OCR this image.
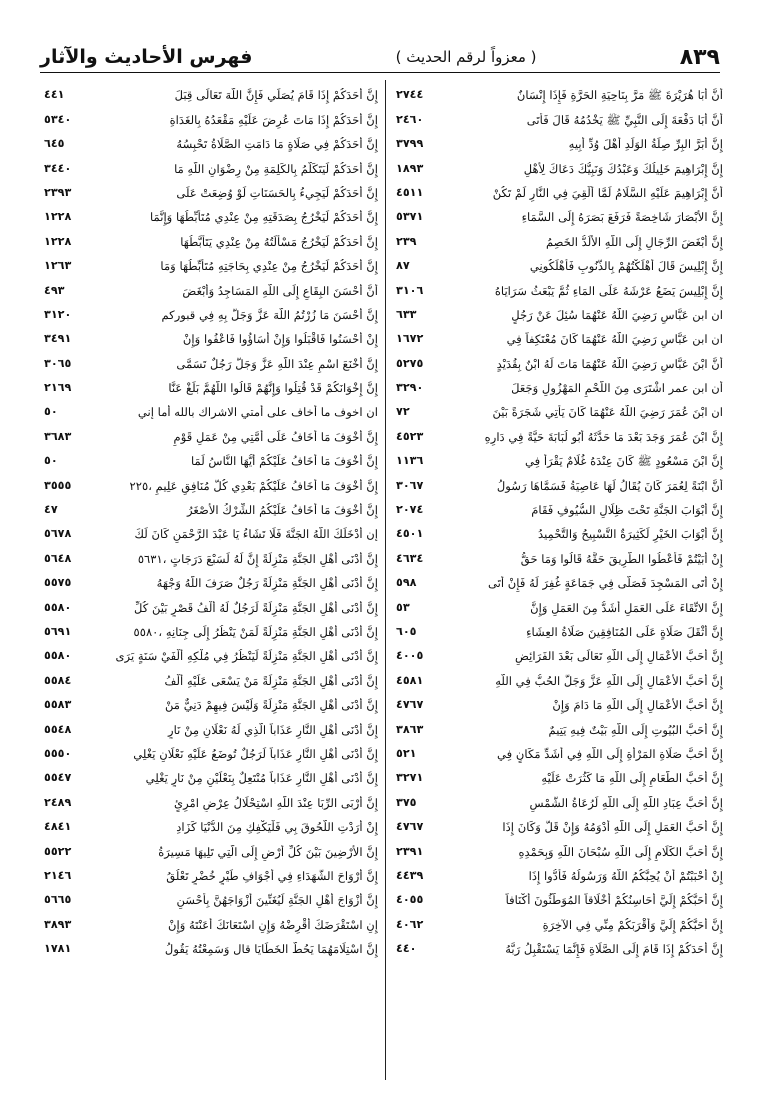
٨٣٩
( معزواً لرقم الحديث )
فهرس الأحاديث والآثار
أَنَّ أَبَا هُرَيْرَةَ ﷺ مَرَّ بِنَاحِيَةِ الحَرَّةِ فَإِذَا إِنْسَانٌ
٢٧٤٤
أَنَّ أَبَا دَفْعَةَ إِلَى النَّبِيِّ ﷺ يَخْدُمُهُ قَالَ فَأَتَى
٢٤٦٠
إِنَّ أَبَرَّ البِرِّ صِلَةُ الوَلَدِ أَهْلَ وُدِّ أَبِيهِ
٣٧٩٩
إِنَّ إِبْرَاهِيمَ خَلِيلُكَ وَعَبْدُكَ وَنَبِيُّكَ دَعَاكَ لِأَهْلِ
١٨٩٣
أَنَّ إِبْرَاهِيمَ عَلَيْهِ السَّلَامُ لَمَّا أُلْقِيَ فِي النَّارِ لَمْ تَكُنْ
٤٥١١
إِنَّ الأَبْصَارَ شَاخِصَةً فَرَفَعَ بَصَرَهُ إِلَى السَّمَاءِ
٥٣٧١
إِنَّ أَبْغَضَ الرِّجَالِ إِلَى اللَّهِ الأَلَدُّ الخَصِمُ
٢٣٩
إِنَّ إِبْلِيسَ قَالَ أَهْلَكْتُهُمْ بِالذُّنُوبِ فَأَهْلَكُونِي
٨٧
إِنَّ إِبْلِيسَ يَضَعُ عَرْشَهُ عَلَى المَاءِ ثُمَّ يَبْعَثُ سَرَايَاهُ
٣١٠٦
ان ابن عَبَّاسٍ رَضِيَ اللَّهُ عَنْهُمَا سُئِلَ عَنْ رَجُلٍ
٦٣٣
ان ابن عَبَّاسٍ رَضِيَ اللَّهُ عَنْهُمَا كَانَ مُعْتَكِفاً فِي
١٦٧٢
أَنَّ ابْنَ عَبَّاسٍ رَضِيَ اللَّهُ عَنْهُمَا مَاتَ لَهُ ابْنٌ بِقُدَيْدٍ
٥٢٧٥
أن ابن عمر اشْتَرَى مِنَ اللَّحْمِ المَهْزُولِ وَجَعَلَ
٣٢٩٠
ان ابْنَ عُمَرَ رَضِيَ اللَّهُ عَنْهُمَا كَانَ يَأْتِي شَجَرَةً بَيْنَ
٧٢
إِنَّ ابْنَ عُمَرَ وَجَدَ بَعْدَ مَا حَدَّثَهُ أَبُو لُبَابَةَ حَيَّةً فِي دَارِهِ
٤٥٢٣
إِنَّ ابْنَ مَسْعُودٍ ﷺ كَانَ عِنْدَهُ غُلَامٌ يَقْرَأُ فِي
١١٣٦
أَنَّ ابْنَةً لِعُمَرَ كَانَ يُقَالُ لَهَا عَاصِيَةُ فَسَمَّاهَا رَسُولُ
٣٠٦٧
إِنَّ أَبْوَابَ الجَنَّةِ تَحْتَ ظِلَالِ السُّيُوفِ فَقَامَ
٢٠٧٤
إِنَّ أَبْوَابَ الخَيْرِ لَكَثِيرَةٌ التَّسْبِيحُ وَالتَّحْمِيدُ
٤٥٠١
إِنْ أَبَيْتُمْ فَأَعْطُوا الطَّرِيقَ حَقَّهُ قَالُوا وَمَا حَقُّ
٤٦٣٤
إِنْ أَتَى المَسْجِدَ فَصَلَّى فِي جَمَاعَةٍ غُفِرَ لَهُ فَإِنْ أَتَى
٥٩٨
إِنَّ الاتِّقَاءَ عَلَى العَمَلِ أَشَدُّ مِنَ العَمَلِ وَإِنَّ
٥٣
إِنَّ أَثْقَلَ صَلَاةٍ عَلَى المُنَافِقِينَ صَلَاةُ العِشَاءِ
٦٠٥
إِنَّ أَحَبَّ الأَعْمَالِ إِلَى اللَّهِ تَعَالَى بَعْدَ الفَرَائِضِ
٤٠٠٥
إِنَّ أَحَبَّ الأَعْمَالِ إِلَى اللَّهِ عَزَّ وَجَلَّ الحُبُّ فِي اللَّهِ
٤٥٨١
إِنَّ أَحَبَّ الأَعْمَالِ إِلَى اللَّهِ مَا دَامَ وَإِنْ
٤٧٦٧
إِنَّ أَحَبَّ البُيُوتِ إِلَى اللَّهِ بَيْتٌ فِيهِ يَتِيمٌ
٣٨٦٣
إِنَّ أَحَبَّ صَلَاةِ المَرْأَةِ إِلَى اللَّهِ فِي أَشَدِّ مَكَانٍ فِي
٥٢١
إِنَّ أَحَبَّ الطَّعَامِ إِلَى اللَّهِ مَا كَثُرَتْ عَلَيْهِ
٣٢٧١
إِنَّ أَحَبَّ عِبَادِ اللَّهِ إِلَى اللَّهِ لَرُعَاةُ الشَّمْسِ
٣٧٥
إِنَّ أَحَبَّ العَمَلِ إِلَى اللَّهِ أَدْوَمُهُ وَإِنْ قَلَّ وَكَانَ إِذَا
٤٧٦٧
إِنَّ أَحَبَّ الكَلَامِ إِلَى اللَّهِ سُبْحَانَ اللَّهِ وَبِحَمْدِهِ
٢٣٩١
إِنْ أَحْبَبْتُمْ أَنْ يُحِبَّكُمُ اللَّهُ وَرَسُولُهُ فَأَدُّوا إِذَا
٤٤٣٩
إِنَّ أَحَبَّكُمْ إِلَيَّ أَحَاسِنُكُمْ أَخْلَاقاً المُوَطَّئُونَ أَكْنَافاً
٤٠٥٥
إِنَّ أَحَبَّكُمْ إِلَيَّ وَأَقْرَبَكُمْ مِنِّي فِي الآخِرَةِ
٤٠٦٢
إِنَّ أَحَدَكُمْ إِذَا قَامَ إِلَى الصَّلَاةِ فَإِنَّمَا يَسْتَقْبِلُ رَبَّهُ
٤٤٠
إِنَّ أَحَدَكُمْ إِذَا قَامَ يُصَلِّي فَإِنَّ اللَّهَ تَعَالَى قِبَلَ
٤٤١
إِنَّ أَحَدَكُمْ إِذَا مَاتَ عُرِضَ عَلَيْهِ مَقْعَدُهُ بِالغَدَاةِ
٥٣٤٠
إِنَّ أَحَدَكُمْ فِي صَلَاةٍ مَا دَامَتِ الصَّلَاةُ تَحْبِسُهُ
٦٤٥
إِنَّ أَحَدَكُمْ لَيَتَكَلَّمُ بِالكَلِمَةِ مِنْ رِضْوَانِ اللَّهِ مَا
٣٤٤٠
إِنَّ أَحَدَكُمْ لَيَجِيءُ بِالحَسَنَاتِ لَوْ وُضِعَتْ عَلَى
٢٣٩٣
إِنَّ أَحَدَكُمْ لَيَخْرُجُ بِصَدَقَتِهِ مِنْ عِنْدِي مُتَأَبِّطُهَا وَإِنَّمَا
١٢٢٨
إِنَّ أَحَدَكُمْ لَيَخْرُجُ مَسْأَلَتُهُ مِنْ عِنْدِي يَتَأَبَّطُهَا
١٢٢٨
إِنَّ أَحَدَكُمْ لَيَخْرُجُ مِنْ عِنْدِي بِحَاجَتِهِ مُتَأَبِّطُهَا وَمَا
١٢٦٣
أَنَّ أَحْسَنَ البِقَاعِ إِلَى اللَّهِ المَسَاجِدُ وَأَبْغَضَ
٤٩٣
إِنَّ أَحْسَنَ مَا زُرْتُمُ اللَّهَ عَزَّ وَجَلَّ بِهِ فِي قبوركم
٣١٢٠
إِنْ أَحْسَنُوا فَاقْبَلُوا وَإِنْ أَسَاؤُوا فَاعْفُوا وَإِنْ
٣٤٩١
إِنَّ أَخْنَعَ اسْمٍ عِنْدَ اللَّهِ عَزَّ وَجَلَّ رَجُلٌ تَسَمَّى
٣٠٦٥
إِنَّ إِخْوَانَكُمْ قَدْ قُتِلُوا وَإِنَّهُمْ قَالُوا اللَّهُمَّ بَلِّغْ عَنَّا
٢١٦٩
ان اخوف ما أخاف على أمتي الاشراك بالله أما إني
٥٠
إِنَّ أَخْوَفَ مَا أَخَافُ عَلَى أُمَّتِي مِنْ عَمَلِ قَوْمِ
٣٦٨٣
إِنَّ أَخْوَفَ مَا أَخَافُ عَلَيْكُمْ أَيُّهَا النَّاسُ لَمَا
٥٠
إِنَّ أَخْوَفَ مَا أَخَافُ عَلَيْكُمْ بَعْدِي كُلُّ مُنَافِقٍ عَلِيمٍ ،٢٢٥
٣٥٥٥
إِنَّ أَخْوَفَ مَا أَخَافُ عَلَيْكُمُ الشِّرْكُ الأَصْغَرُ
٤٧
إن أَدْخَلَكَ اللَّهُ الجَنَّةَ فَلَا تَشَاءُ يَا عَبْدَ الرَّحْمَنِ كَانَ لَكَ
٥٦٧٨
إِنَّ أَدْنَى أَهْلِ الجَنَّةِ مَنْزِلَةً إِنَّ لَهُ لَسَبْعَ دَرَجَاتٍ ،٥٦٣١
٥٦٤٨
إِنَّ أَدْنَى أَهْلِ الجَنَّةِ مَنْزِلَةً رَجُلٌ صَرَفَ اللَّهُ وَجْهَهُ
٥٥٧٥
إِنَّ أَدْنَى أَهْلِ الجَنَّةِ مَنْزِلَةً لَرَجُلٌ لَهُ أَلْفُ قَصْرٍ بَيْنَ كُلِّ
٥٥٨٠
إِنَّ أَدْنَى أَهْلِ الجَنَّةِ مَنْزِلَةً لَمَنْ يَنْظُرُ إِلَى جِنَانِهِ ،٥٥٨٠
٥٦٩١
إِنَّ أَدْنَى أَهْلِ الجَنَّةِ مَنْزِلَةً لَيَنْظُرُ فِي مُلْكِهِ أَلْفَيْ سَنَةٍ يَرَى
٥٥٨٠
إِنَّ أَدْنَى أَهْلِ الجَنَّةِ مَنْزِلَةً مَنْ يَسْعَى عَلَيْهِ أَلْفُ
٥٥٨٤
إِنَّ أَدْنَى أَهْلِ الجَنَّةِ مَنْزِلَةً وَلَيْسَ فِيهِمْ دَنِيٌّ مَنْ
٥٥٨٣
إِنَّ أَدْنَى أَهْلِ النَّارِ عَذَاباً الَّذِي لَهُ نَعْلَانِ مِنْ نَارٍ
٥٥٤٨
إِنَّ أَدْنَى أَهْلِ النَّارِ عَذَاباً لَرَجُلٌ تُوضَعُ عَلَيْهِ نَعْلَانِ يَغْلِي
٥٥٥٠
إِنَّ أَدْنَى أَهْلِ النَّارِ عَذَاباً مُنْتَعِلٌ بِنَعْلَيْنِ مِنْ نَارٍ يَغْلِي
٥٥٤٧
إِنَّ أَرْبَى الرِّبَا عِنْدَ اللَّهِ اسْتِحْلَالُ عِرْضِ امْرِئٍ
٢٤٨٩
إِنْ أَرَدْتِ اللُّحُوقَ بِي فَلْيَكْفِكِ مِنَ الدُّنْيَا كَزَادِ
٤٨٤١
إِنَّ الأَرْضِينَ بَيْنَ كُلِّ أَرْضٍ إِلَى الَّتِي تَلِيهَا مَسِيرَةُ
٥٥٢٢
إِنَّ أَرْوَاحَ الشُّهَدَاءِ فِي أَجْوَافِ طَيْرٍ خُضْرٍ تَعْلُقُ
٢١٤٦
إِنَّ أَزْوَاجَ أَهْلِ الجَنَّةِ لَيُغَنِّينَ أَزْوَاجَهُنَّ بِأَحْسَنِ
٥٦٦٥
إِنِ اسْتَقْرَضَكَ أَقْرِضْهُ وَإِنِ اسْتَعَانَكَ أَعَنْتَهُ وَإِنْ
٣٨٩٣
إِنَّ اسْتِلَامَهُمَا يَحُطُّ الخَطَايَا قال وَسَمِعْتُهُ يَقُولُ
١٧٨١
